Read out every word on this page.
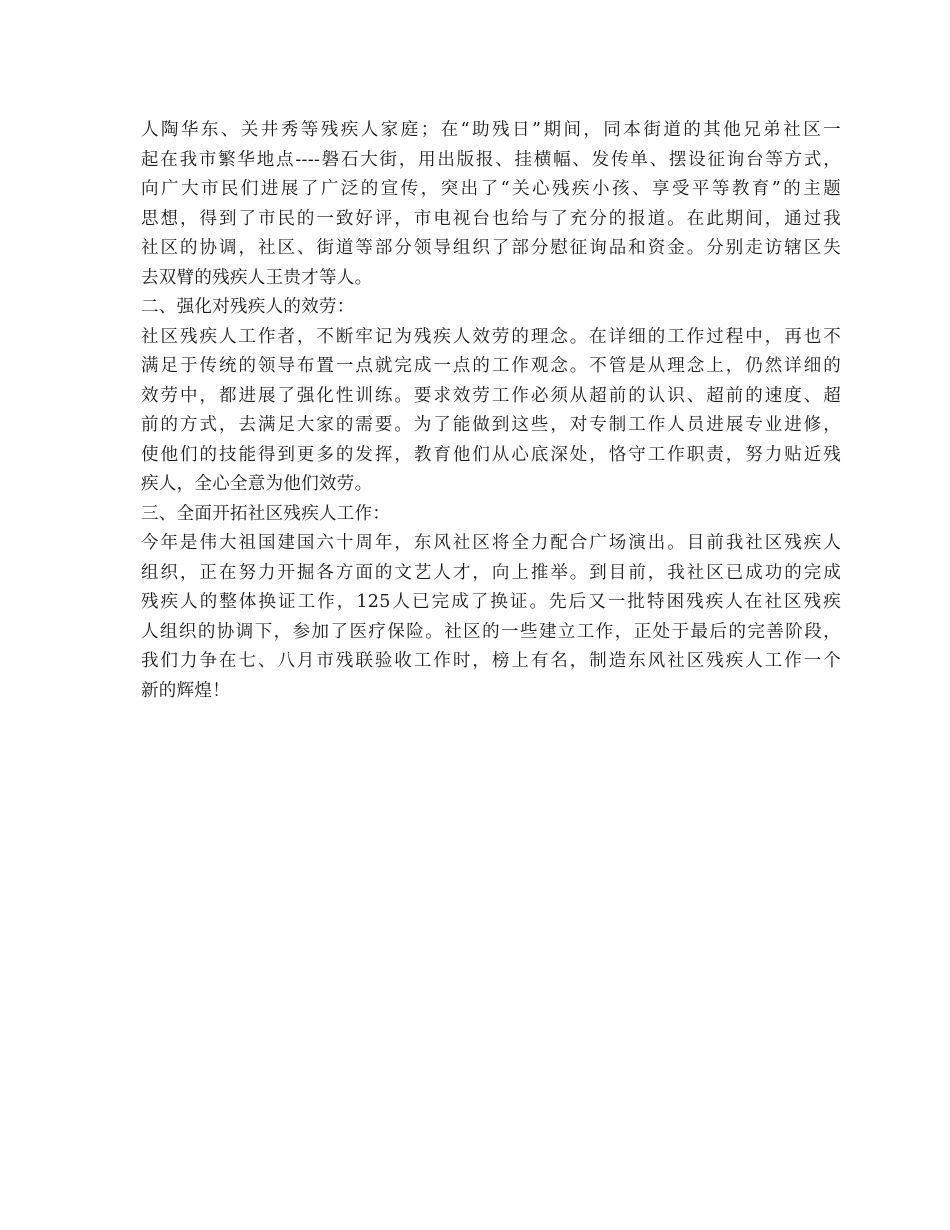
人陶华东、关井秀等残疾人家庭；在“助残日”期间，同本街道的其他兄弟社区一
起在我市繁华地点----磐石大街，用出版报、挂横幅、发传单、摆设征询台等方式，
向广大市民们进展了广泛的宣传，突出了“关心残疾小孩、享受平等教育”的主题
思想，得到了市民的一致好评，市电视台也给与了充分的报道。在此期间，通过我
社区的协调，社区、街道等部分领导组织了部分慰征询品和资金。分别走访辖区失
去双臂的残疾人王贵才等人。
二、强化对残疾人的效劳：
社区残疾人工作者，不断牢记为残疾人效劳的理念。在详细的工作过程中，再也不
满足于传统的领导布置一点就完成一点的工作观念。不管是从理念上，仍然详细的
效劳中，都进展了强化性训练。要求效劳工作必须从超前的认识、超前的速度、超
前的方式，去满足大家的需要。为了能做到这些，对专制工作人员进展专业进修，
使他们的技能得到更多的发挥，教育他们从心底深处，恪守工作职责，努力贴近残
疾人，全心全意为他们效劳。
三、全面开拓社区残疾人工作：
今年是伟大祖国建国六十周年，东风社区将全力配合广场演出。目前我社区残疾人
组织，正在努力开掘各方面的文艺人才，向上推举。到目前，我社区已成功的完成
残疾人的整体换证工作，125人已完成了换证。先后又一批特困残疾人在社区残疾
人组织的协调下，参加了医疗保险。社区的一些建立工作，正处于最后的完善阶段，
我们力争在七、八月市残联验收工作时，榜上有名，制造东风社区残疾人工作一个
新的辉煌！
